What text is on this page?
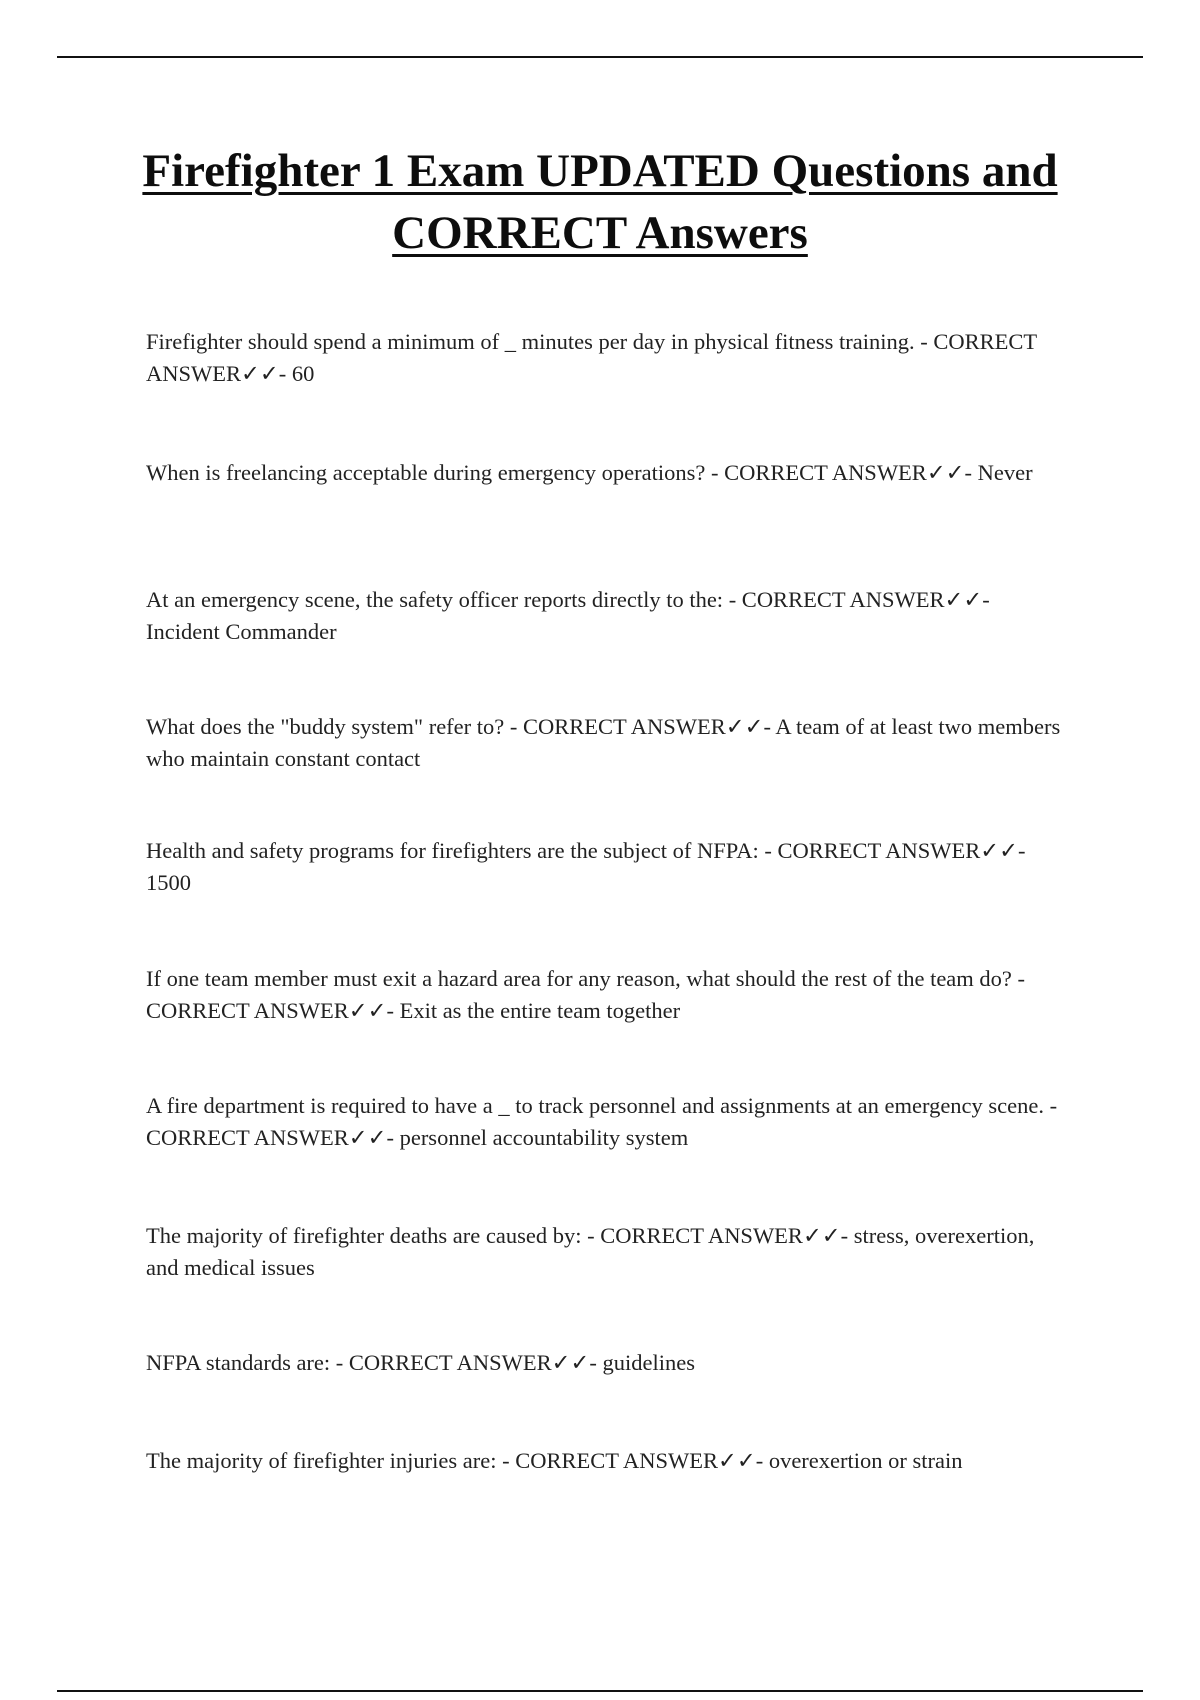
Firefighter 1 Exam UPDATED Questions and CORRECT Answers
Firefighter should spend a minimum of _ minutes per day in physical fitness training. - CORRECT ANSWER✓✓- 60
When is freelancing acceptable during emergency operations? - CORRECT ANSWER✓✓- Never
At an emergency scene, the safety officer reports directly to the: - CORRECT ANSWER✓✓- Incident Commander
What does the "buddy system" refer to? - CORRECT ANSWER✓✓- A team of at least two members who maintain constant contact
Health and safety programs for firefighters are the subject of NFPA: - CORRECT ANSWER✓✓- 1500
If one team member must exit a hazard area for any reason, what should the rest of the team do? - CORRECT ANSWER✓✓- Exit as the entire team together
A fire department is required to have a _ to track personnel and assignments at an emergency scene. - CORRECT ANSWER✓✓- personnel accountability system
The majority of firefighter deaths are caused by: - CORRECT ANSWER✓✓- stress, overexertion, and medical issues
NFPA standards are: - CORRECT ANSWER✓✓- guidelines
The majority of firefighter injuries are: - CORRECT ANSWER✓✓- overexertion or strain
